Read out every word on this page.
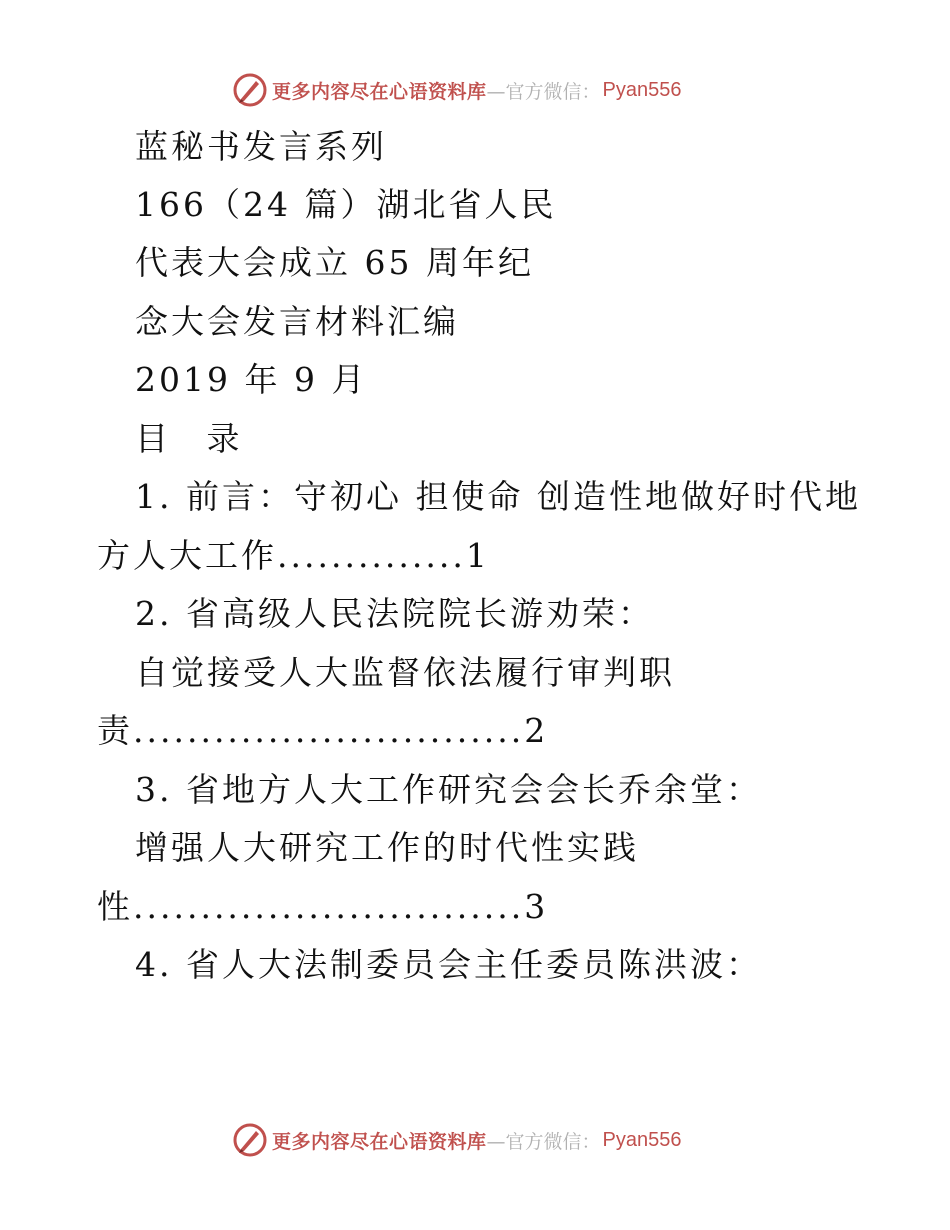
更多内容尽在心语资料库 —官方微信： Pyan556
蓝秘书发言系列
166（24 篇）湖北省人民
代表大会成立 65 周年纪
念大会发言材料汇编
2019 年 9 月
目 录
1. 前言：守初心 担使命 创造性地做好时代地
方人大工作..............1
2. 省高级人民法院院长游劝荣：
自觉接受人大监督依法履行审判职
责.............................2
3. 省地方人大工作研究会会长乔余堂：
增强人大研究工作的时代性实践
性.............................3
4. 省人大法制委员会主任委员陈洪波：
更多内容尽在心语资料库 —官方微信： Pyan556
